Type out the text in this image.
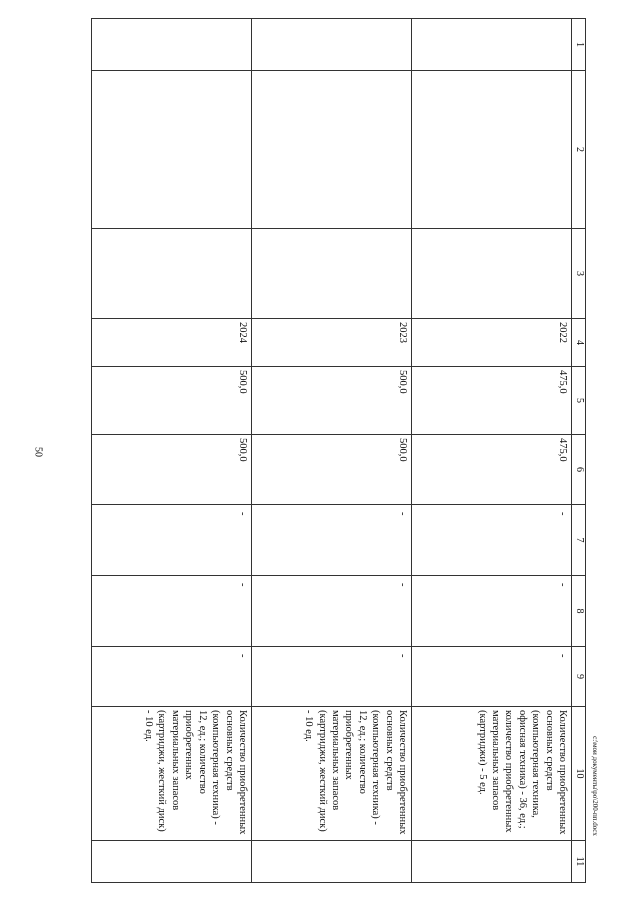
50
1	2	3	4	5	6	7	8	9	10	11
			2022	475,0	475,0	-	-	-	Количество приобретенных основных средств (компьютерная техника, офисная техника) - 36, ед.; количество приобретенных материальных запасов (картриджи) - 5 ед.	
			2023	500,0	500,0	-	-	-	Количество приобретенных основных средств (компьютерная техника) - 12, ед.; количество приобретенных материальных запасов (картриджи, жесткий диск) - 10 ед.	
			2024	500,0	500,0	-	-	-	Количество приобретенных основных средств (компьютерная техника) - 12, ед.; количество приобретенных материальных запасов (картриджи, жесткий диск) - 10 ед.	
c:\мои документы\ро\200-пп.docx
